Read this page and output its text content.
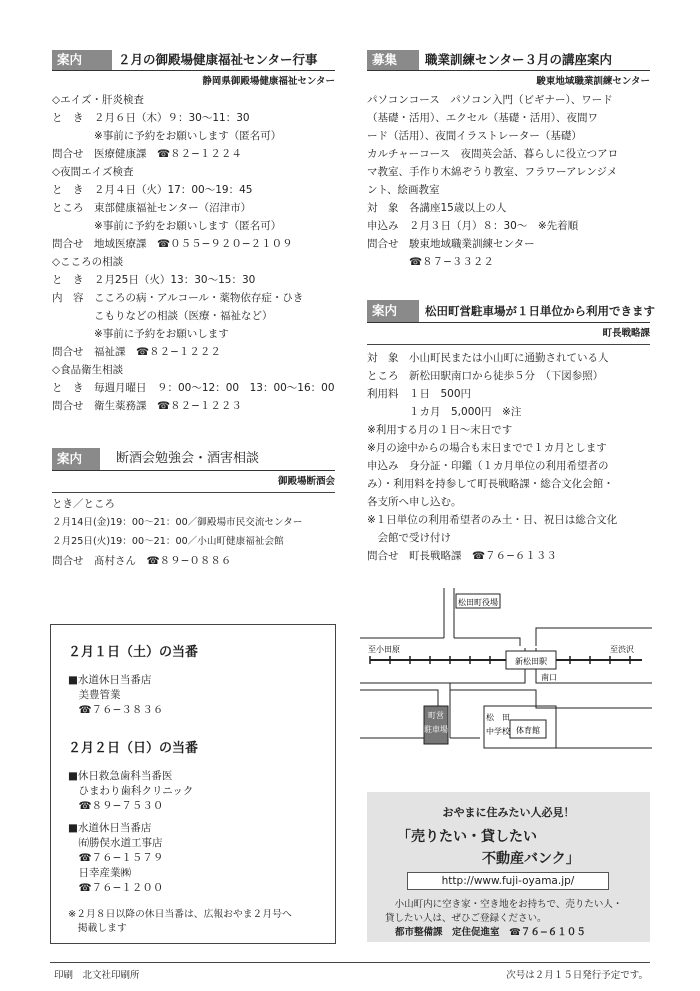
案内	２月の御殿場健康福祉センター行事
静岡県御殿場健康福祉センター
◇エイズ・肝炎検査
と　き　２月６日（木）９：30〜11：30
　　　　※事前に予約をお願いします（匿名可）
問合せ　医療健康課　☎８２−１２２４
◇夜間エイズ検査
と　き　２月４日（火）17：00〜19：45
ところ　東部健康福祉センター（沼津市）
　　　　※事前に予約をお願いします（匿名可）
問合せ　地域医療課　☎０５５−９２０−２１０９
◇こころの相談
と　き　２月25日（火）13：30〜15：30
内　容　こころの病・アルコール・薬物依存症・ひき
　　　　こもりなどの相談（医療・福祉など）
　　　　※事前に予約をお願いします
問合せ　福祉課　☎８２−１２２２
◇食品衛生相談
と　き　毎週月曜日　９：00〜12：00　13：00〜16：00
問合せ　衛生薬務課　☎８２−１２２３
案内	断酒会勉強会・酒害相談
御殿場断酒会
とき／ところ
２月14日(金)19：00〜21：00／御殿場市民交流センター
２月25日(火)19：00〜21：00／小山町健康福祉会館
問合せ　髙村さん　☎８９−０８８６
２月１日（土）の当番
■水道休日当番店
　美豊管業
　☎７６−３８３６
２月２日（日）の当番
■休日救急歯科当番医
　ひまわり歯科クリニック
　☎８９−７５３０
■水道休日当番店
　㈲勝俣水道工事店
　☎７６−１５７９
　日幸産業㈱
　☎７６−１２００
※２月８日以降の休日当番は、広報おやま２月号へ
　掲載します
募集	職業訓練センター３月の講座案内
駿東地域職業訓練センター
パソコンコース　パソコン入門（ビギナー）、ワード
（基礎・活用）、エクセル（基礎・活用）、夜間ワ
ード（活用）、夜間イラストレーター（基礎）
カルチャーコース　夜間英会話、暮らしに役立つアロ
マ教室、手作り木綿ぞうり教室、フラワーアレンジメ
ント、絵画教室
対　象　各講座15歳以上の人
申込み　２月３日（月）８：30〜　※先着順
問合せ　駿東地域職業訓練センター
　　　　☎８７−３３２２
案内	松田町営駐車場が１日単位から利用できます
町長戦略課
対　象　小山町民または小山町に通勤されている人
ところ　新松田駅南口から徒歩５分　（下図参照）
利用料　１日　500円
　　　　１カ月　5,000円　※注
※利用する月の１日〜末日です
※月の途中からの場合も末日までで１カ月とします
申込み　身分証・印鑑（１カ月単位の利用希望者の
み）・利用料を持参して町長戦略課・総合文化会館・
各支所へ申し込む。
※１日単位の利用希望者のみ土・日、祝日は総合文化
　会館で受け付け
問合せ　町長戦略課　☎７６−６１３３
松田町役場
至小田原	至渋沢
新松田駅
南口
町営
駐車場
松　田
中学校 体育館
おやまに住みたい人必見！
「売りたい・貸したい
不動産バンク」
http://www.fuji-oyama.jp/
小山町内に空き家・空き地をお持ちで、売りたい人・
貸したい人は、ぜひご登録ください。
都市整備課　定住促進室　☎７６−６１０５
印刷　北文社印刷所	次号は２月１５日発行予定です。
